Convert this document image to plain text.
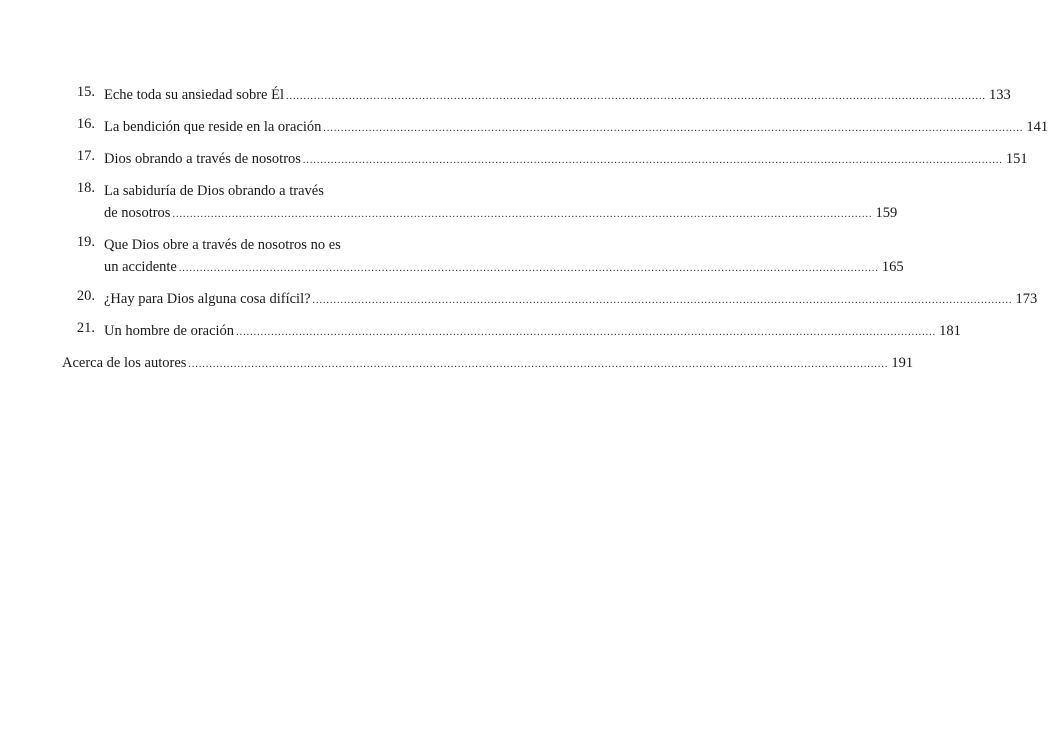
15. Eche toda su ansiedad sobre Él ........................................................................................................................................................................................................ 133
16. La bendición que reside en la oración ........................................................................................................................................................................................................ 141
17. Dios obrando a través de nosotros ........................................................................................................................................................................................................ 151
18. La sabiduría de Dios obrando a través
de nosotros ........................................................................................................................................................................................................ 159
19. Que Dios obre a través de nosotros no es
un accidente ........................................................................................................................................................................................................ 165
20. ¿Hay para Dios alguna cosa difícil? ........................................................................................................................................................................................................ 173
21. Un hombre de oración ........................................................................................................................................................................................................ 181
Acerca de los autores ........................................................................................................................................................................................................ 191
